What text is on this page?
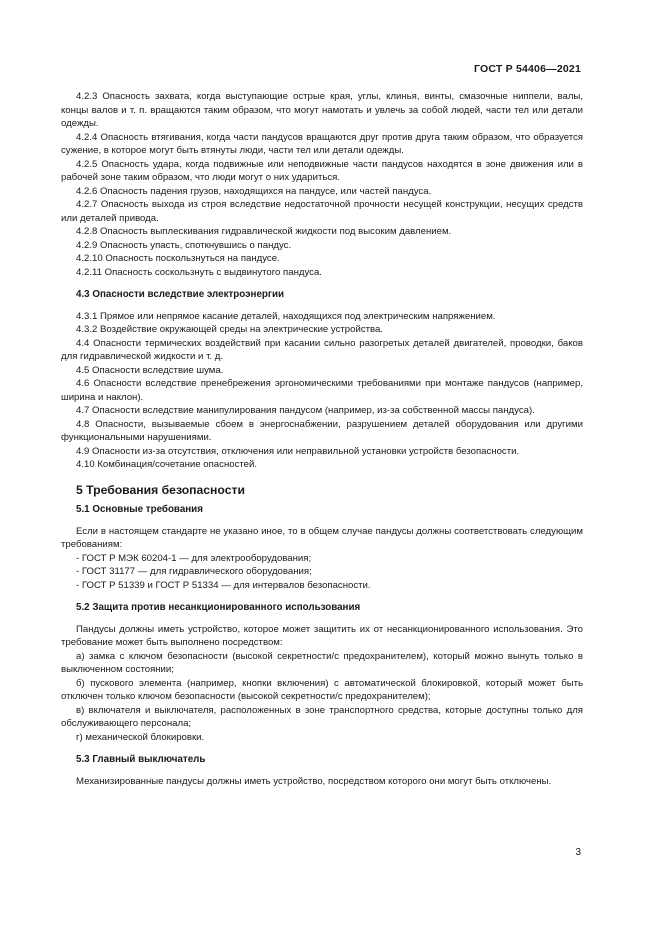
ГОСТ Р 54406—2021

4.2.3 Опасность захвата, когда выступающие острые края, углы, клинья, винты, смазочные ниппели, валы, концы валов и т. п. вращаются таким образом, что могут намотать и увлечь за собой людей, части тел или детали одежды.

4.2.4 Опасность втягивания, когда части пандусов вращаются друг против друга таким образом, что образуется сужение, в которое могут быть втянуты люди, части тел или детали одежды.

4.2.5 Опасность удара, когда подвижные или неподвижные части пандусов находятся в зоне движения или в рабочей зоне таким образом, что люди могут о них удариться.

4.2.6 Опасность падения грузов, находящихся на пандусе, или частей пандуса.

4.2.7 Опасность выхода из строя вследствие недостаточной прочности несущей конструкции, несущих средств или деталей привода.

4.2.8 Опасность выплескивания гидравлической жидкости под высоким давлением.

4.2.9 Опасность упасть, споткнувшись о пандус.

4.2.10 Опасность поскользнуться на пандусе.

4.2.11 Опасность соскользнуть с выдвинутого пандуса.

4.3 Опасности вследствие электроэнергии

4.3.1 Прямое или непрямое касание деталей, находящихся под электрическим напряжением.

4.3.2 Воздействие окружающей среды на электрические устройства.

4.4 Опасности термических воздействий при касании сильно разогретых деталей двигателей, проводки, баков для гидравлической жидкости и т. д.

4.5 Опасности вследствие шума.

4.6 Опасности вследствие пренебрежения эргономическими требованиями при монтаже пандусов (например, ширина и наклон).

4.7 Опасности вследствие манипулирования пандусом (например, из-за собственной массы пандуса).

4.8 Опасности, вызываемые сбоем в энергоснабжении, разрушением деталей оборудования или другими функциональными нарушениями.

4.9 Опасности из-за отсутствия, отключения или неправильной установки устройств безопасности.

4.10 Комбинация/сочетание опасностей.

5 Требования безопасности
5.1 Основные требования

Если в настоящем стандарте не указано иное, то в общем случае пандусы должны соответствовать следующим требованиям:

- ГОСТ Р МЭК 60204-1 — для электрооборудования;

- ГОСТ 31177 — для гидравлического оборудования;

- ГОСТ Р 51339 и ГОСТ Р 51334 — для интервалов безопасности.

5.2 Защита против несанкционированного использования

Пандусы должны иметь устройство, которое может защитить их от несанкционированного использования. Это требование может быть выполнено посредством:

а) замка с ключом безопасности (высокой секретности/с предохранителем), который можно вынуть только в выключенном состоянии;

б) пускового элемента (например, кнопки включения) с автоматической блокировкой, который может быть отключен только ключом безопасности (высокой секретности/с предохранителем);

в) включателя и выключателя, расположенных в зоне транспортного средства, которые доступны только для обслуживающего персонала;

г) механической блокировки.

5.3 Главный выключатель

Механизированные пандусы должны иметь устройство, посредством которого они могут быть отключены.

3
